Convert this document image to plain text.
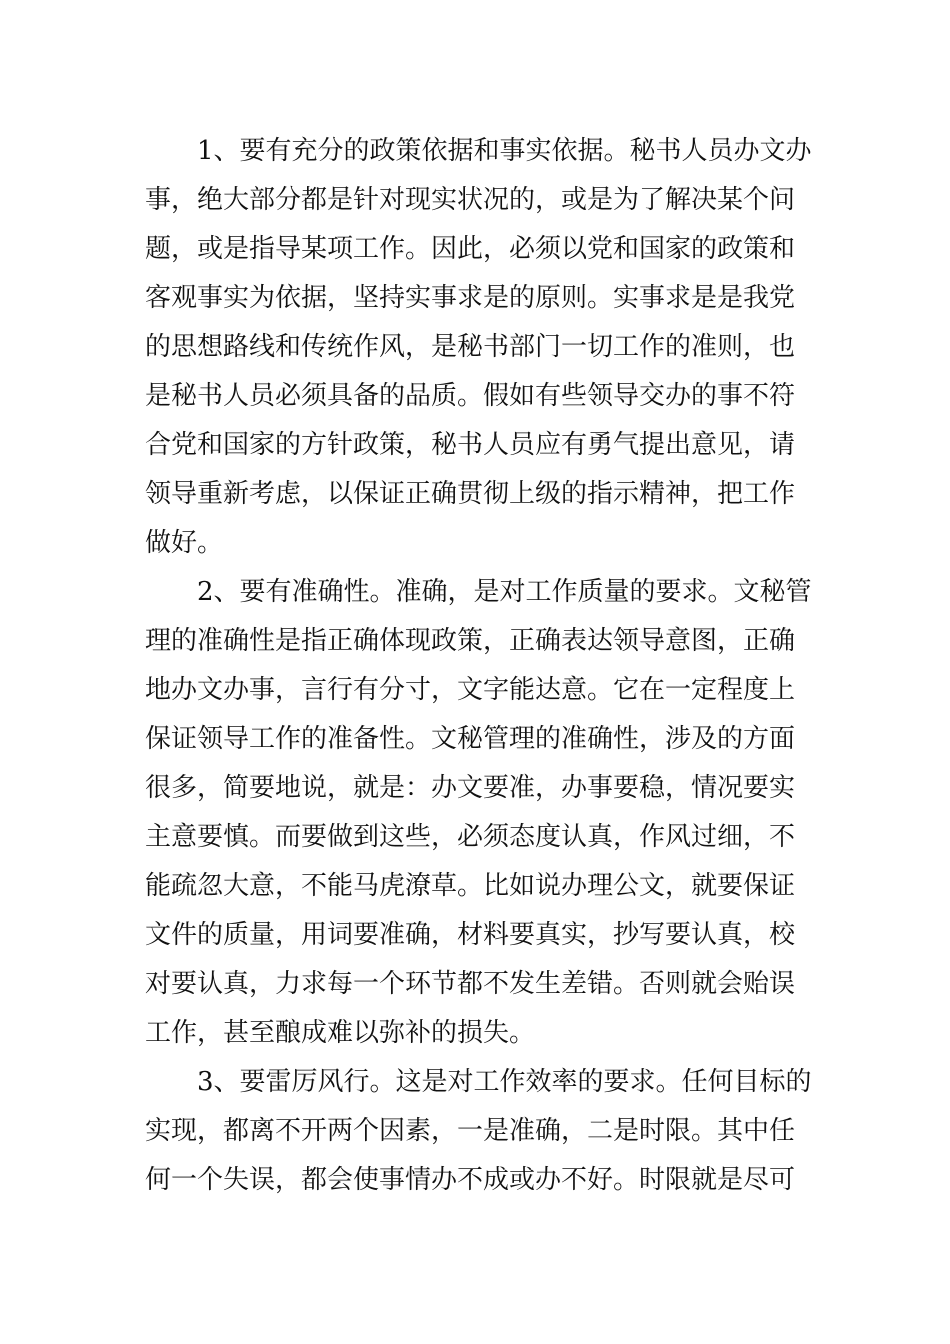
1、要有充分的政策依据和事实依据。秘书人员办文办
事，绝大部分都是针对现实状况的，或是为了解决某个问
题，或是指导某项工作。因此，必须以党和国家的政策和
客观事实为依据，坚持实事求是的原则。实事求是是我党
的思想路线和传统作风，是秘书部门一切工作的准则，也
是秘书人员必须具备的品质。假如有些领导交办的事不符
合党和国家的方针政策，秘书人员应有勇气提出意见，请
领导重新考虑，以保证正确贯彻上级的指示精神，把工作
做好。
2、要有准确性。准确，是对工作质量的要求。文秘管
理的准确性是指正确体现政策，正确表达领导意图，正确
地办文办事，言行有分寸，文字能达意。它在一定程度上
保证领导工作的准备性。文秘管理的准确性，涉及的方面
很多，简要地说，就是：办文要准，办事要稳，情况要实
主意要慎。而要做到这些，必须态度认真，作风过细，不
能疏忽大意，不能马虎潦草。比如说办理公文，就要保证
文件的质量，用词要准确，材料要真实，抄写要认真，校
对要认真，力求每一个环节都不发生差错。否则就会贻误
工作，甚至酿成难以弥补的损失。
3、要雷厉风行。这是对工作效率的要求。任何目标的
实现，都离不开两个因素，一是准确，二是时限。其中任
何一个失误，都会使事情办不成或办不好。时限就是尽可
